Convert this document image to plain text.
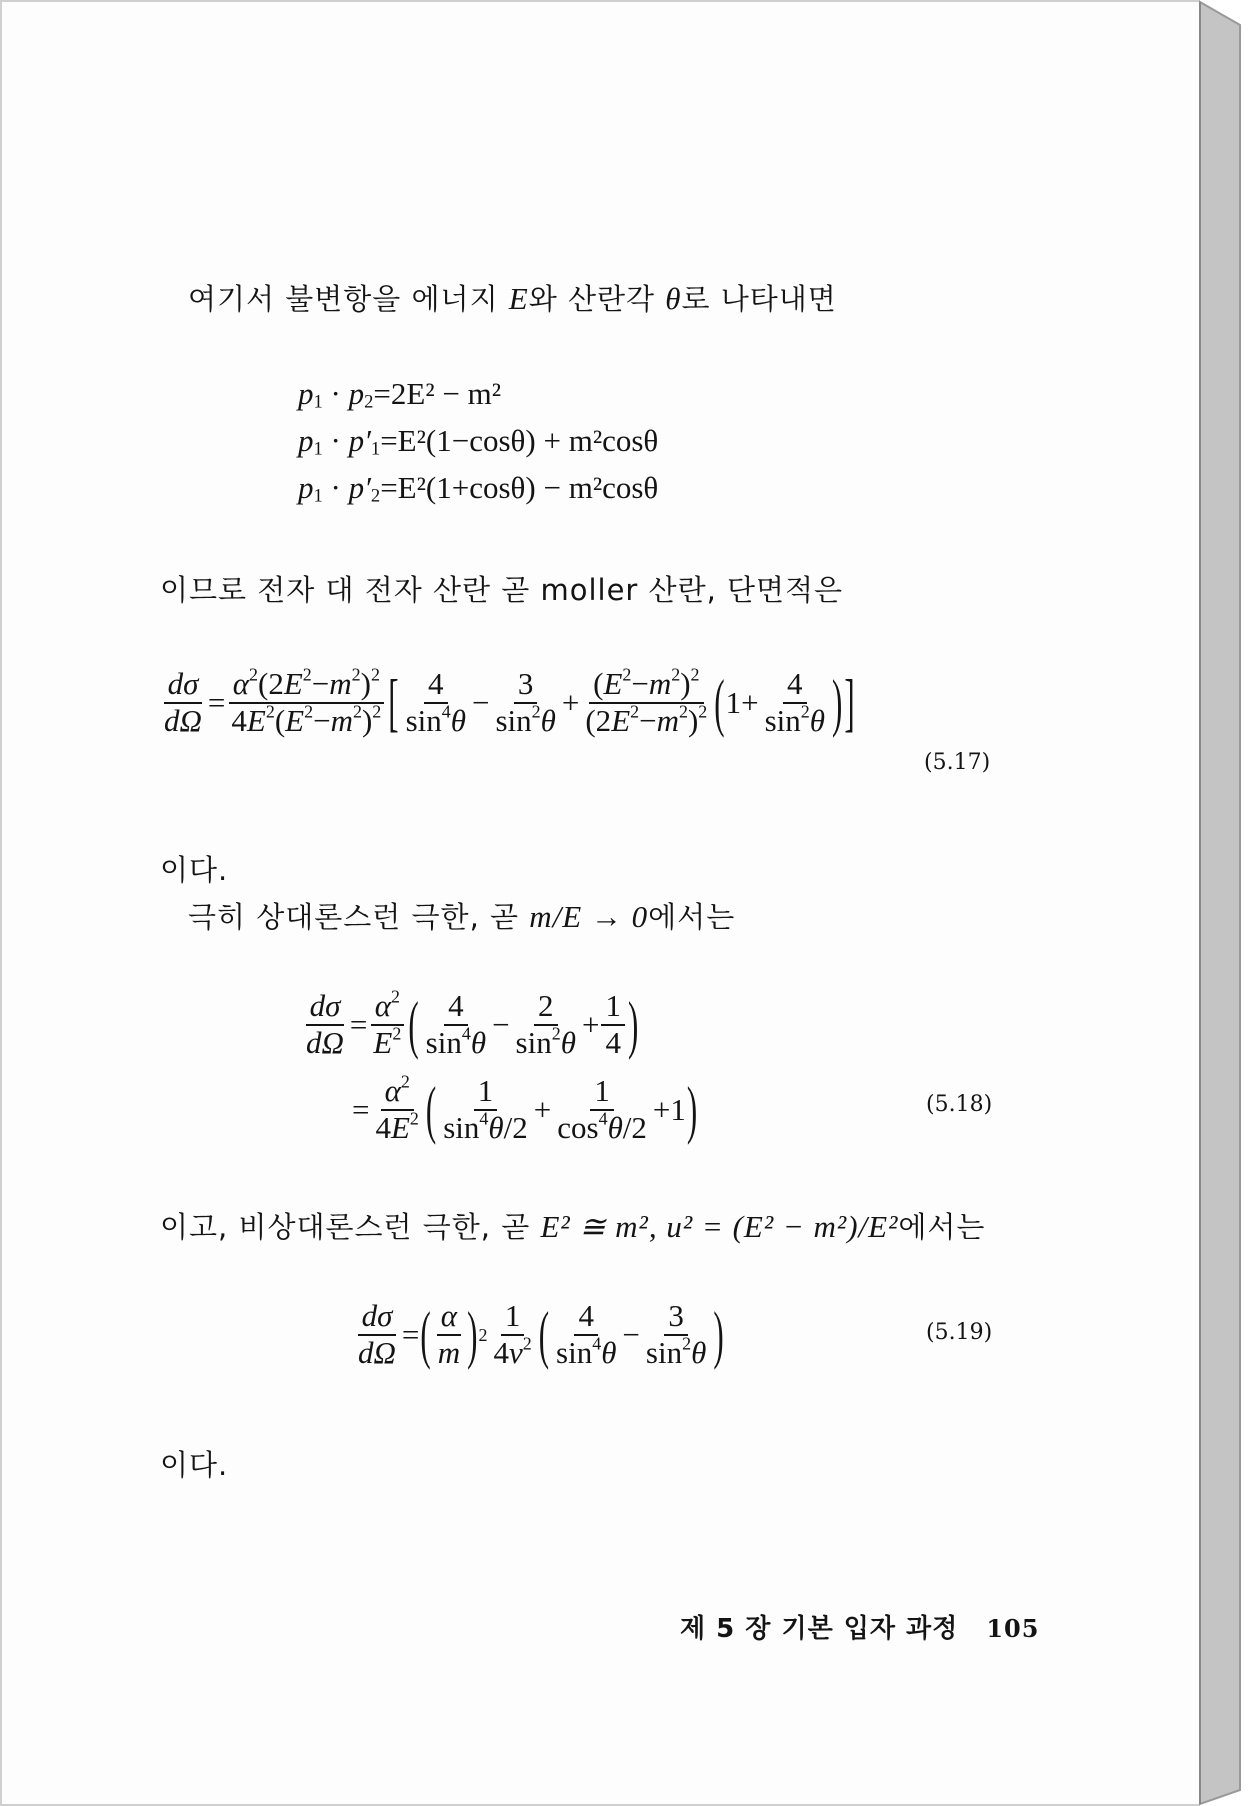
여기서 불변항을 에너지 E와 산란각 θ로 나타내면
$p_1 \cdot p_2=2E^2 - m^2$
$p_1 \cdot p'_1=E^2(1-\cos\theta) + m^2\cos\theta$
$p_1 \cdot p'_2=E^2(1+\cos\theta) - m^2\cos\theta$
이므로 전자 대 전자 산란 곧 moller 산란, 단면적은
$\frac{d\sigma}{d\Omega} = \frac{\alpha^2(2E^2-m^2)^2}{4E^2(E^2-m^2)^2}$ [ $\frac{4}{\sin^4\theta} - \frac{3}{\sin^2\theta} + \frac{(E^2-m^2)^2}{(2E^2-m^2)^2}$ ( $1+ \frac{4}{\sin^2\theta}$ ) ]
(5.17)
이다.
극히 상대론스런 극한, 곧 m/E → 0에서는
$\frac{d\sigma}{d\Omega} = \frac{\alpha^2}{E^2}$ ( $\frac{4}{\sin^4\theta} - \frac{2}{\sin^2\theta} + \frac{1}{4}$ )
= $\frac{\alpha^2}{4E^2}$ ( $\frac{1}{\sin^4\theta/2} + \frac{1}{\cos^4\theta/2} +1$ )	(5.18)
이고, 비상대론스런 극한, 곧 E² ≅ m², u² = (E² − m²)/E²에서는
$\frac{d\sigma}{d\Omega}$ = ( $\frac{\alpha}{m}$ ) $2 \frac{1}{4v^2}$ ( $\frac{4}{\sin^4\theta} - \frac{3}{\sin^2\theta}$ )	(5.19)
이다.
제 5 장 기본 입자 과정 105
